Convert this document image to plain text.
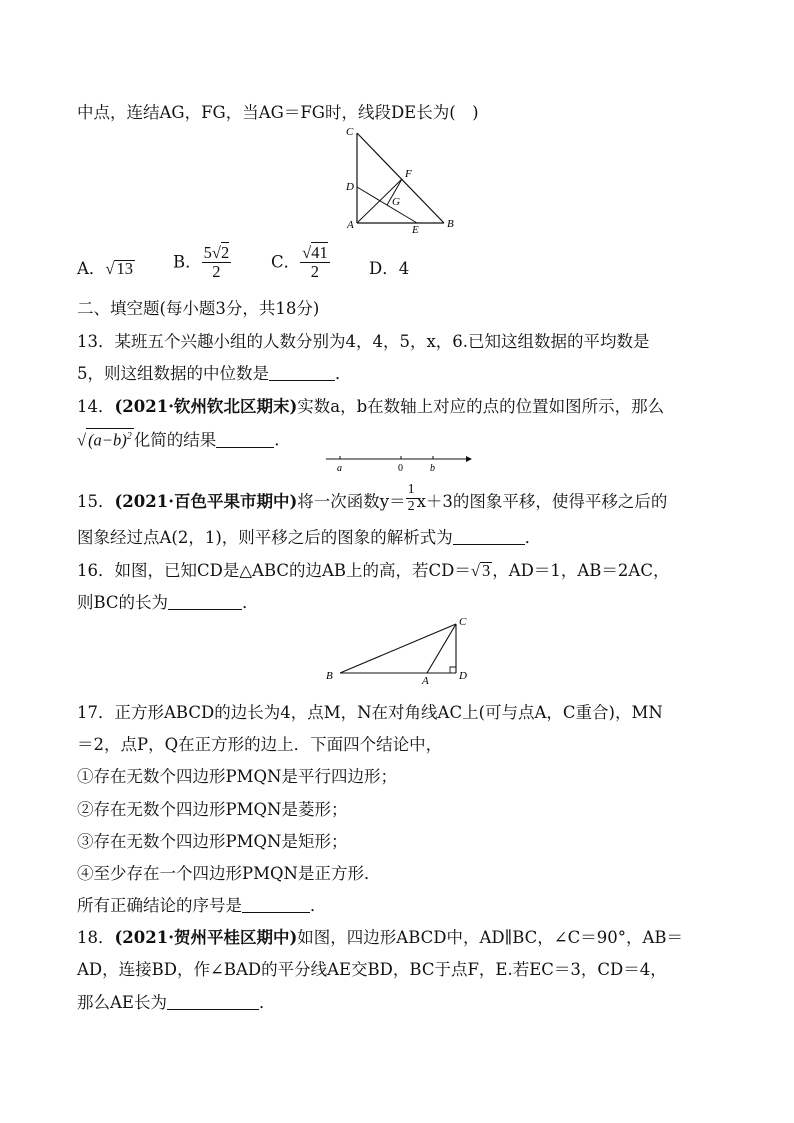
中点，连结AG，FG，当AG＝FG时，线段DE长为(　)
C
D
F
G
A	E	B
A．√ 13 B． $\frac{5√2}{2}$ C． $\frac{√41}{2}$ D．4
二、填空题(每小题3分，共18分)
13．某班五个兴趣小组的人数分别为4，4，5，x，6.已知这组数据的平均数是
5，则这组数据的中位数是	．
14．(2021·钦州钦北区期末)实数a，b在数轴上对应的点的位置如图所示，那么
√ $(a-b)^2$ 化简的结果	.
a	0	b
15．(2021·百色平果市期中)将一次函数$y= \frac{1}{2} x+3$的图象平移，使得平移之后的
图象经过点A(2，1)，则平移之后的图象的解析式为	．
16．如图，已知CD是△ABC的边AB上的高，若CD＝√ 3 ，AD＝1，AB＝2AC，
则BC的长为	．
C
B	A	D
17．正方形ABCD的边长为4，点M，N在对角线AC上(可与点A，C重合)，MN
＝2，点P，Q在正方形的边上．下面四个结论中，
①存在无数个四边形PMQN是平行四边形；
②存在无数个四边形PMQN是菱形；
③存在无数个四边形PMQN是矩形；
④至少存在一个四边形PMQN是正方形．
所有正确结论的序号是	．
18．(2021·贺州平桂区期中)如图，四边形ABCD中，AD∥BC，∠C＝90°，AB＝
AD，连接BD，作∠BAD的平分线AE交BD，BC于点F，E.若EC＝3，CD＝4，
那么AE长为	．
